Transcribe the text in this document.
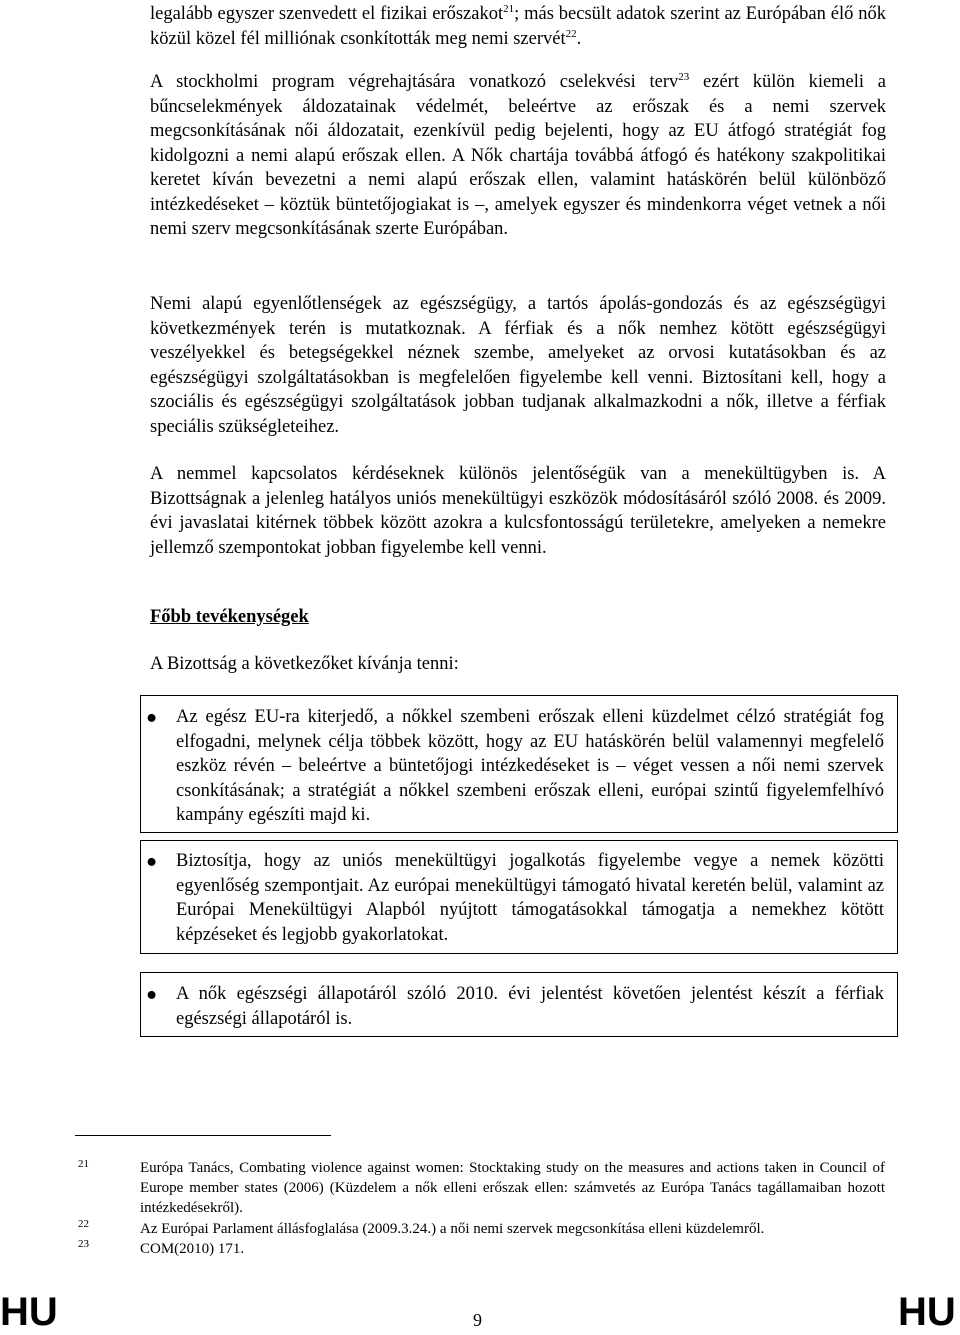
legalább egyszer szenvedett el fizikai erőszakot$^{21}$; más becsült adatok szerint az Európában élő nők közül közel fél milliónak csonkították meg nemi szervét$^{22}$.

A stockholmi program végrehajtására vonatkozó cselekvési terv$^{23}$ ezért külön kiemeli a bűncselekmények áldozatainak védelmét, beleértve az erőszak és a nemi szervek megcsonkításának női áldozatait, ezenkívül pedig bejelenti, hogy az EU átfogó stratégiát fog kidolgozni a nemi alapú erőszak ellen. A Nők chartája továbbá átfogó és hatékony szakpolitikai keretet kíván bevezetni a nemi alapú erőszak ellen, valamint hatáskörén belül különböző intézkedéseket – köztük büntetőjogiakat is –, amelyek egyszer és mindenkorra véget vetnek a női nemi szerv megcsonkításának szerte Európában.

Nemi alapú egyenlőtlenségek az egészségügy, a tartós ápolás-gondozás és az egészségügyi következmények terén is mutatkoznak. A férfiak és a nők nemhez kötött egészségügyi veszélyekkel és betegségekkel néznek szembe, amelyeket az orvosi kutatásokban és az egészségügyi szolgáltatásokban is megfelelően figyelembe kell venni. Biztosítani kell, hogy a szociális és egészségügyi szolgáltatások jobban tudjanak alkalmazkodni a nők, illetve a férfiak speciális szükségleteihez.

A nemmel kapcsolatos kérdéseknek különös jelentőségük van a menekültügyben is. A Bizottságnak a jelenleg hatályos uniós menekültügyi eszközök módosításáról szóló 2008. és 2009. évi javaslatai kitérnek többek között azokra a kulcsfontosságú területekre, amelyeken a nemekre jellemző szempontokat jobban figyelembe kell venni.

Főbb tevékenységek

A Bizottság a következőket kívánja tenni:

● Az egész EU-ra kiterjedő, a nőkkel szembeni erőszak elleni küzdelmet célzó stratégiát fog elfogadni, melynek célja többek között, hogy az EU hatáskörén belül valamennyi megfelelő eszköz révén – beleértve a büntetőjogi intézkedéseket is – véget vessen a női nemi szervek csonkításának; a stratégiát a nőkkel szembeni erőszak elleni, európai szintű figyelemfelhívó kampány egészíti majd ki.

● Biztosítja, hogy az uniós menekültügyi jogalkotás figyelembe vegye a nemek közötti egyenlőség szempontjait. Az európai menekültügyi támogató hivatal keretén belül, valamint az Európai Menekültügyi Alapból nyújtott támogatásokkal támogatja a nemekhez kötött képzéseket és legjobb gyakorlatokat.

● A nők egészségi állapotáról szóló 2010. évi jelentést követően jelentést készít a férfiak egészségi állapotáról is.

21	Európa Tanács, Combating violence against women: Stocktaking study on the measures and actions taken in Council of Europe member states (2006) (Küzdelem a nők elleni erőszak ellen: számvetés az Európa Tanács tagállamaiban hozott intézkedésekről).

22	Az Európai Parlament állásfoglalása (2009.3.24.) a női nemi szervek megcsonkítása elleni küzdelemről.

23	COM(2010) 171.

HU	9	HU
